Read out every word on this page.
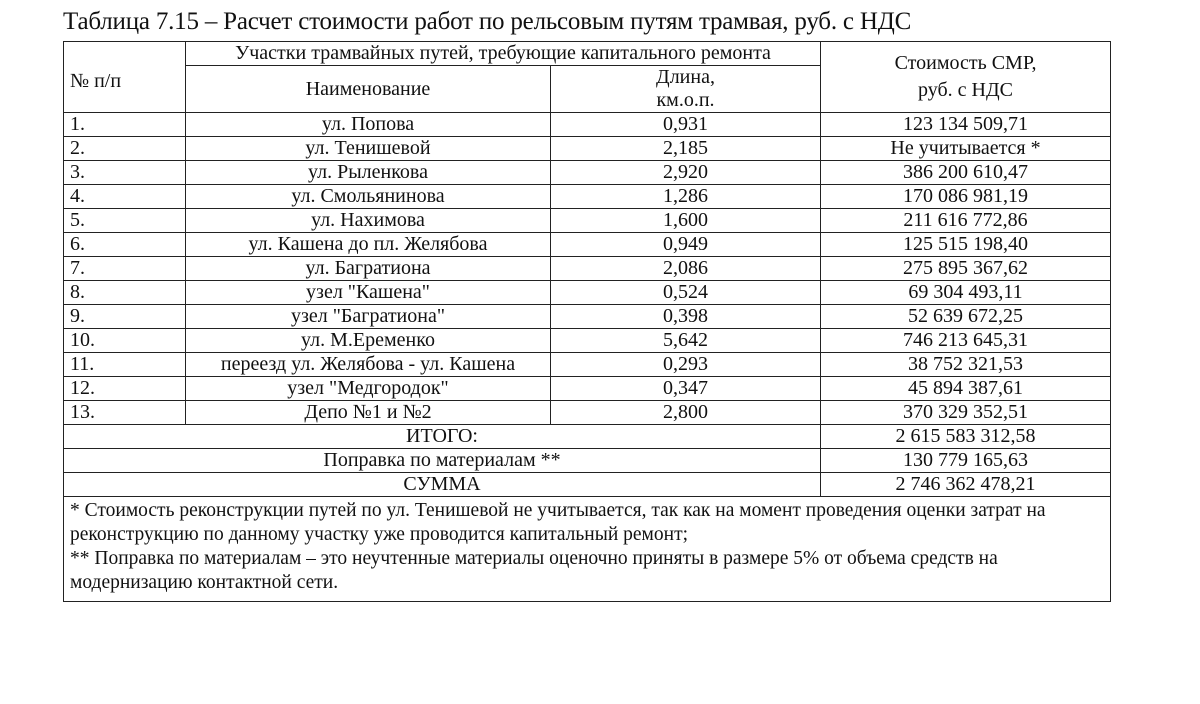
Таблица 7.15 – Расчет стоимости работ по рельсовым путям трамвая, руб. с НДС
№ п/п	Участки трамвайных путей, требующие капитального ремонта		Стоимость СМР,
руб. с НДС

	Наименование	Длина,
км.о.п.	

1.	ул. Попова	0,931	123 134 509,71
2.	ул. Тенишевой	2,185	Не учитывается *
3.	ул. Рыленкова	2,920	386 200 610,47
4.	ул. Смольянинова	1,286	170 086 981,19
5.	ул. Нахимова	1,600	211 616 772,86
6.	ул. Кашена до пл. Желябова	0,949	125 515 198,40
7.	ул. Багратиона	2,086	275 895 367,62
8.	узел "Кашена"	0,524	69 304 493,11
9.	узел "Багратиона"	0,398	52 639 672,25
10.	ул. М.Еременко	5,642	746 213 645,31
11.	переезд ул. Желябова - ул. Кашена	0,293	38 752 321,53
12.	узел "Медгородок"	0,347	45 894 387,61
13.	Депо №1 и №2	2,800	370 329 352,51
ИТОГО:			2 615 583 312,58
Поправка по материалам **			130 779 165,63
СУММА			2 746 362 478,21

* Стоимость реконструкции путей по ул. Тенишевой не учитывается, так как на момент проведения оценки затрат на реконструкцию по данному участку уже проводится капитальный ремонт;

** Поправка по материалам – это неучтенные материалы оценочно приняты в размере 5% от объема средств на модернизацию контактной сети.			
